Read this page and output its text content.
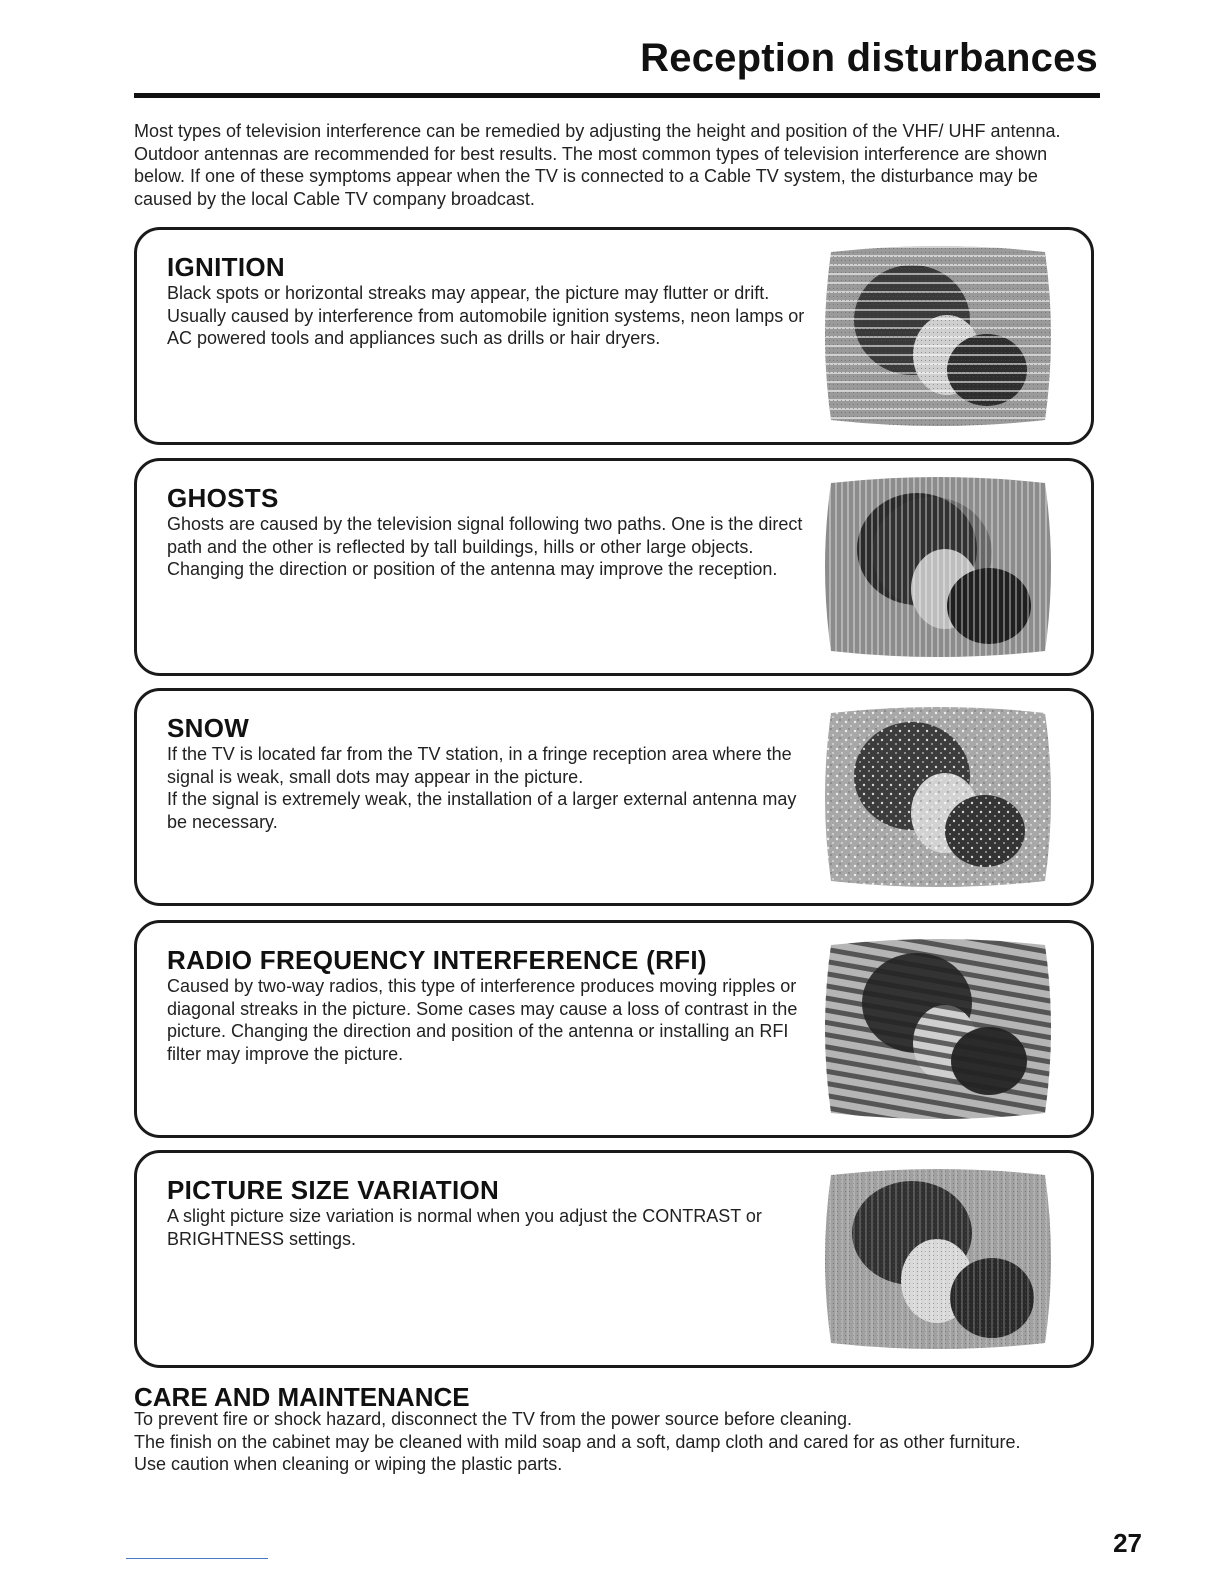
Reception disturbances

Most types of television interference can be remedied by adjusting the height and position of the VHF/ UHF antenna. Outdoor antennas are recommended for best results. The most common types of television interference are shown below. If one of these symptoms appear when the TV is connected to a Cable TV system, the disturbance may be caused by the local Cable TV company broadcast.

IGNITION

Black spots or horizontal streaks may appear, the picture may flutter or drift. Usually caused by interference from automobile ignition systems, neon lamps or AC powered tools and appliances such as drills or hair dryers.

GHOSTS

Ghosts are caused by the television signal following two paths. One is the direct path and the other is reflected by tall buildings, hills or other large objects. Changing the direction or position of the antenna may improve the reception.

SNOW

If the TV is located far from the TV station, in a fringe reception area where the signal is weak, small dots may appear in the picture.
If the signal is extremely weak, the installation of a larger external antenna may be necessary.

RADIO FREQUENCY INTERFERENCE (RFI)

Caused by two-way radios, this type of interference produces moving ripples or diagonal streaks in the picture. Some cases may cause a loss of contrast in the picture. Changing the direction and position of the antenna or installing an RFI filter may improve the picture.

PICTURE SIZE VARIATION

A slight picture size variation is normal when you adjust the CONTRAST or BRIGHTNESS settings.

CARE AND MAINTENANCE

To prevent fire or shock hazard, disconnect the TV from the power source before cleaning.
The finish on the cabinet may be cleaned with mild soap and a soft, damp cloth and cared for as other furniture.
Use caution when cleaning or wiping the plastic parts.

27
